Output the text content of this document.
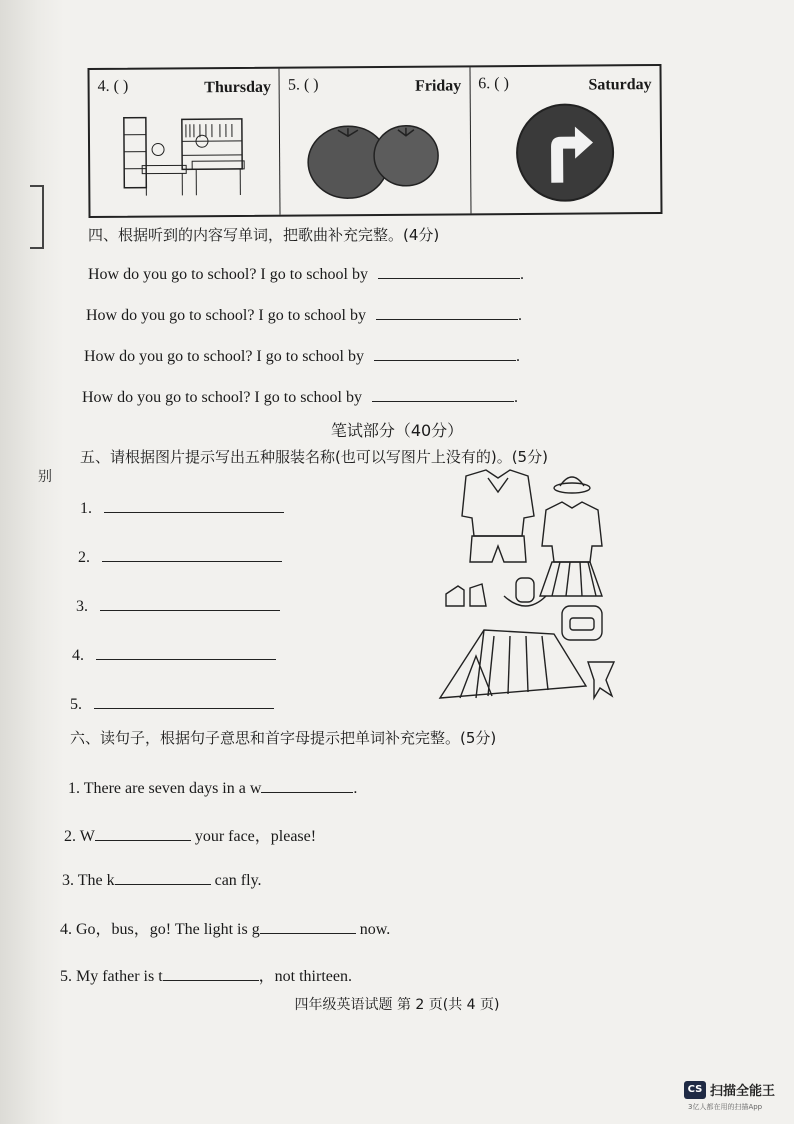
别
4. ( )	Thursday 5. ( )	Friday 6. ( )	Saturday
四、根据听到的内容写单词，把歌曲补充完整。(4分)
How do you go to school? I go to school by	.
How do you go to school? I go to school by	.
How do you go to school? I go to school by	.
How do you go to school? I go to school by	.
笔试部分（40分）
五、请根据图片提示写出五种服装名称(也可以写图片上没有的)。(5分)
1.
2.
3.
4.
5.
六、读句子，根据句子意思和首字母提示把单词补充完整。(5分)
1. There are seven days in a w	.
2. W	your face，please!
3. The k	can fly.
4. Go，bus，go! The light is g	now.
5. My father is t	，not thirteen.
四年级英语试题 第 2 页(共 4 页)
CS 扫描全能王
3亿人都在用的扫描App
